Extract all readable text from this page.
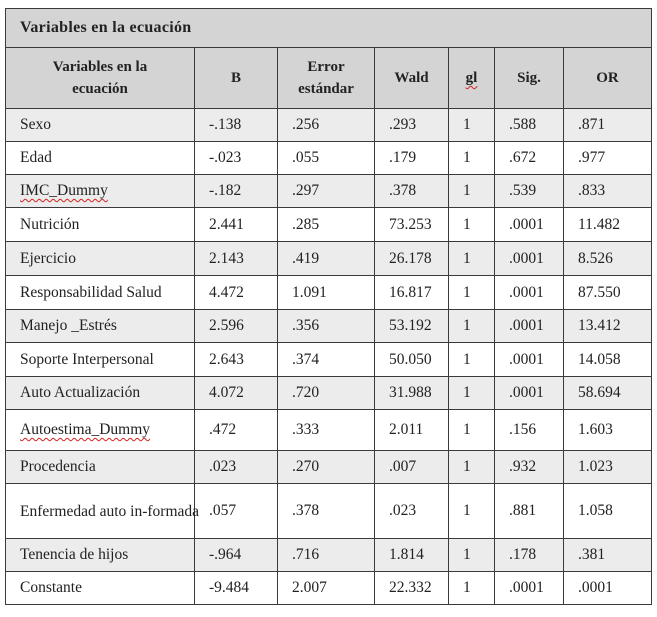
Variables en la ecuación						
Variables en la ecuación	B	Error estándar	Wald	gl	Sig.	OR
Sexo	-.138	.256	.293	1	.588	.871
Edad	-.023	.055	.179	1	.672	.977
IMC_Dummy	-.182	.297	.378	1	.539	.833
Nutrición	2.441	.285	73.253	1	.0001	11.482
Ejercicio	2.143	.419	26.178	1	.0001	8.526
Responsabilidad Salud	4.472	1.091	16.817	1	.0001	87.550
Manejo _Estrés	2.596	.356	53.192	1	.0001	13.412
Soporte Interpersonal	2.643	.374	50.050	1	.0001	14.058
Auto Actualización	4.072	.720	31.988	1	.0001	58.694
Autoestima_Dummy	.472	.333	2.011	1	.156	1.603
Procedencia	.023	.270	.007	1	.932	1.023
Enfermedad auto in-formada	.057	.378	.023	1	.881	1.058
Tenencia de hijos	-.964	.716	1.814	1	.178	.381
Constante	-9.484	2.007	22.332	1	.0001	.0001
